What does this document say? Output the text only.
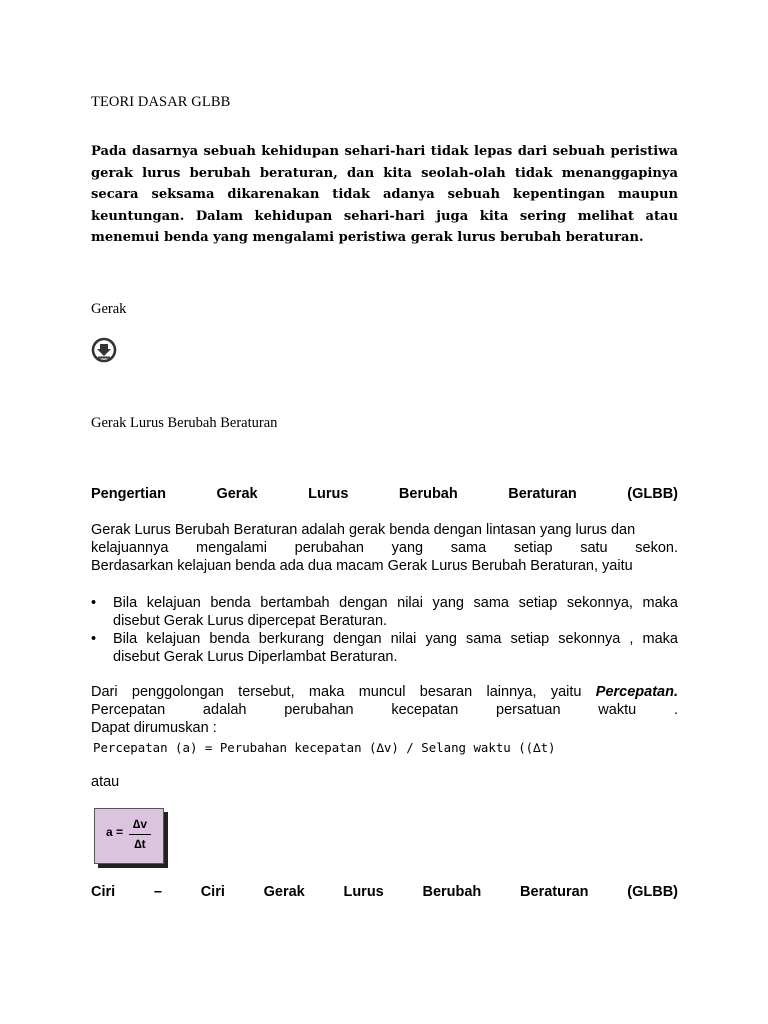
TEORI DASAR GLBB
Pada dasarnya sebuah kehidupan sehari-hari tidak lepas dari sebuah peristiwa gerak lurus berubah beraturan, dan kita seolah-olah tidak menanggapinya secara seksama dikarenakan tidak adanya sebuah kepentingan maupun keuntungan. Dalam kehidupan sehari-hari juga kita sering melihat atau menemui benda yang mengalami peristiwa gerak lurus berubah beraturan.
Gerak
Gerak Lurus Berubah Beraturan
Pengertian Gerak Lurus Berubah Beraturan (GLBB)
Gerak Lurus Berubah Beraturan adalah gerak benda dengan lintasan yang lurus dan
kelajuannya mengalami perubahan yang sama setiap satu sekon.
Berdasarkan kelajuan benda ada dua macam Gerak Lurus Berubah Beraturan, yaitu
• Bila kelajuan benda bertambah dengan nilai yang sama setiap sekonnya, maka
disebut Gerak Lurus dipercepat Beraturan.
• Bila kelajuan benda berkurang dengan nilai yang sama setiap sekonnya , maka
disebut Gerak Lurus Diperlambat Beraturan.
Dari penggolongan tersebut, maka muncul besaran lainnya, yaitu Percepatan.
Percepatan adalah perubahan kecepatan persatuan waktu .
Dapat dirumuskan :
Percepatan (a) = Perubahan kecepatan (∆v) / Selang waktu ((∆t)
atau
a =
∆v
∆t
Ciri – Ciri Gerak Lurus Berubah Beraturan (GLBB)
